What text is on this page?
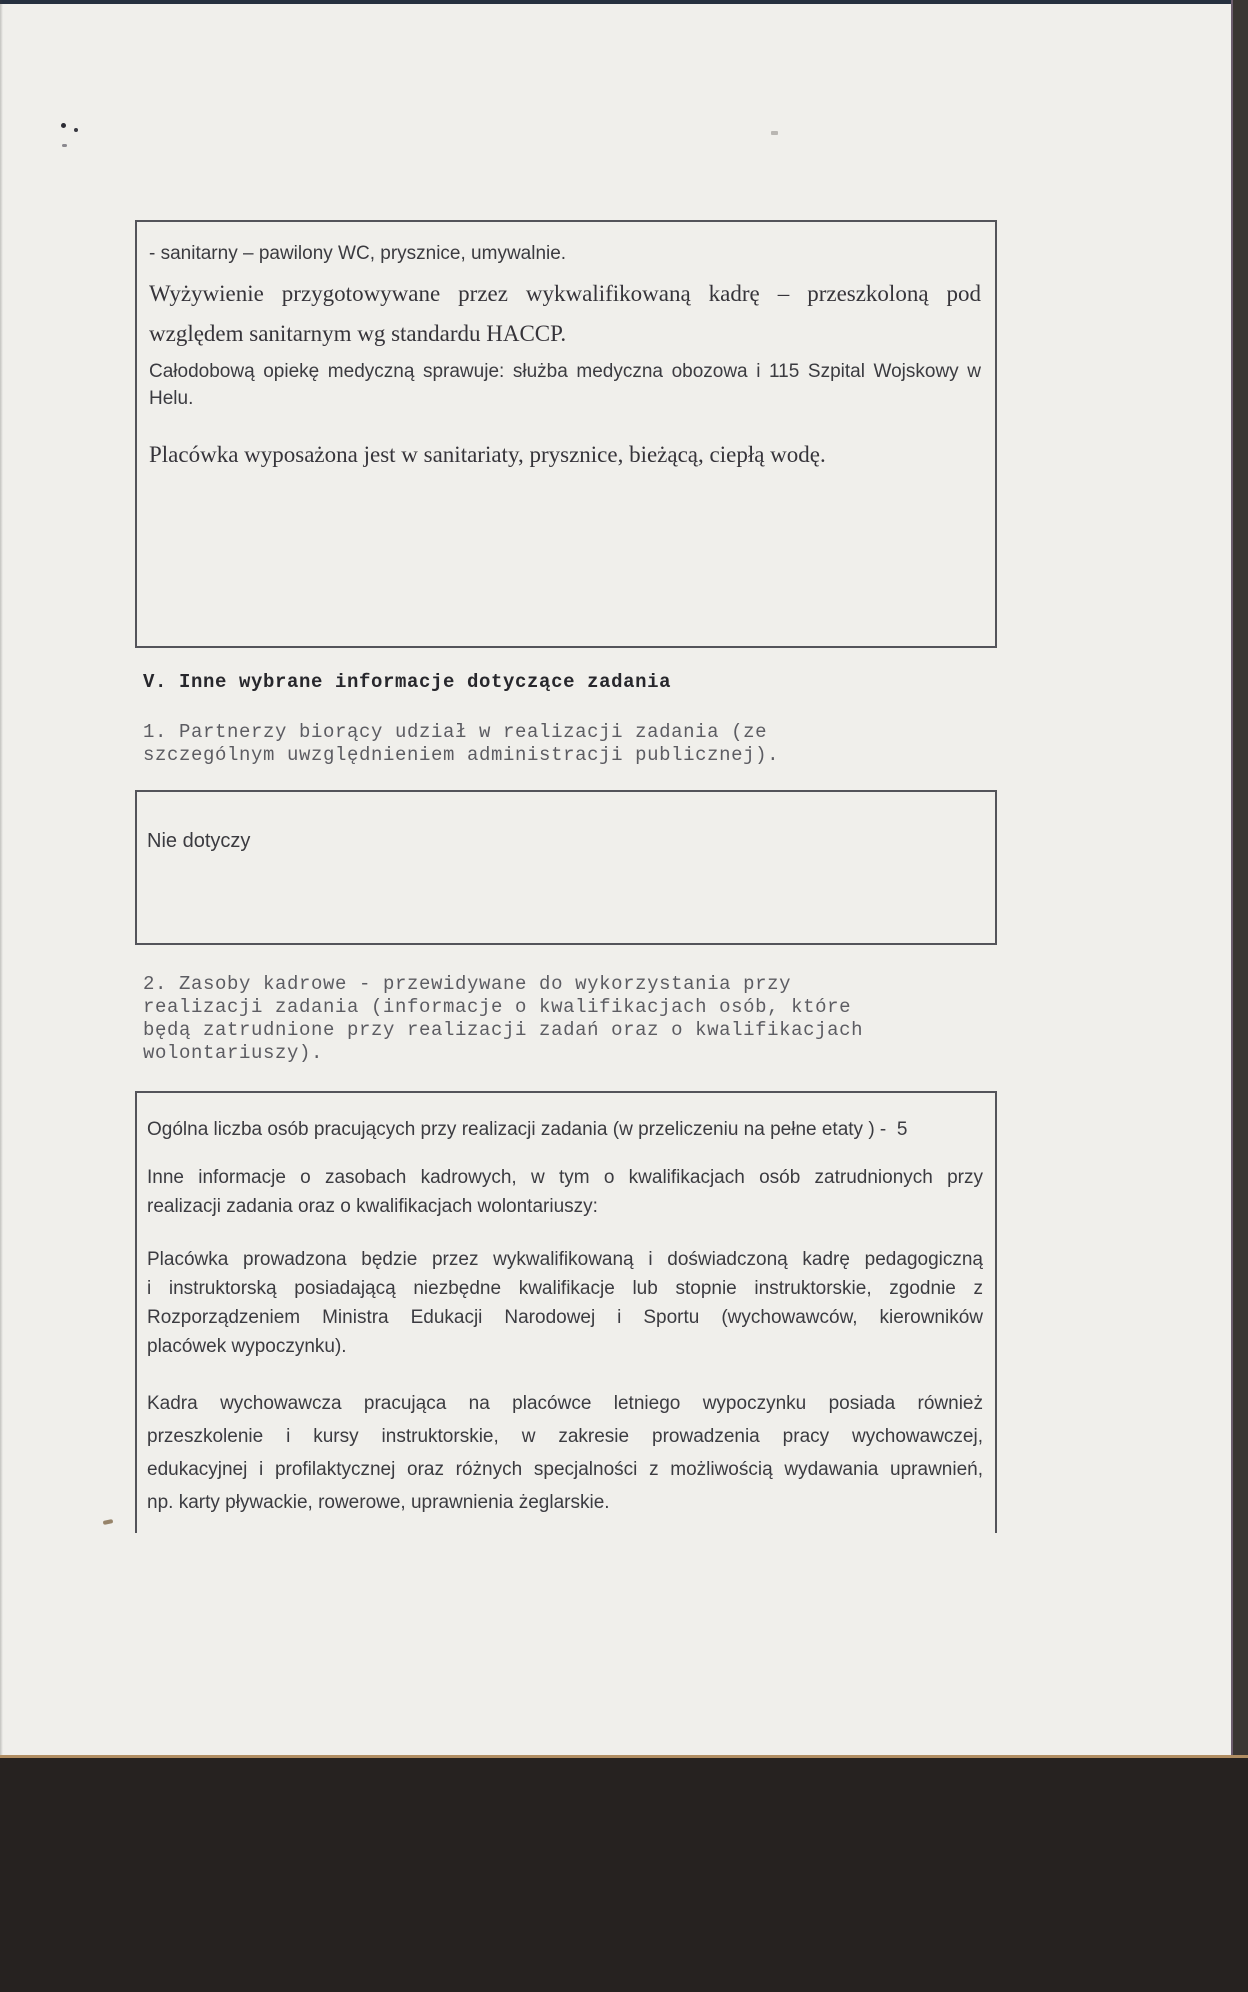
- sanitarny – pawilony WC, prysznice, umywalnie.
Wyżywienie przygotowywane przez wykwalifikowaną kadrę – przeszkoloną pod
względem sanitarnym wg standardu HACCP.
Całodobową opiekę medyczną sprawuje: służba medyczna obozowa i 115 Szpital Wojskowy w
Helu.
Placówka wyposażona jest w sanitariaty, prysznice, bieżącą, ciepłą wodę.
V. Inne wybrane informacje dotyczące zadania
1. Partnerzy biorący udział w realizacji zadania (ze
szczególnym uwzględnieniem administracji publicznej).
Nie dotyczy
2. Zasoby kadrowe - przewidywane do wykorzystania przy
realizacji zadania (informacje o kwalifikacjach osób, które
będą zatrudnione przy realizacji zadań oraz o kwalifikacjach
wolontariuszy).
Ogólna liczba osób pracujących przy realizacji zadania (w przeliczeniu na pełne etaty ) -  5
Inne informacje o zasobach kadrowych, w tym o kwalifikacjach osób zatrudnionych przy
realizacji zadania oraz o kwalifikacjach wolontariuszy:
Placówka prowadzona będzie przez wykwalifikowaną i doświadczoną kadrę pedagogiczną
i instruktorską posiadającą niezbędne kwalifikacje lub stopnie instruktorskie, zgodnie z
Rozporządzeniem Ministra Edukacji Narodowej i Sportu (wychowawców, kierowników
placówek wypoczynku).
Kadra wychowawcza pracująca na placówce letniego wypoczynku posiada również
przeszkolenie i kursy instruktorskie, w zakresie prowadzenia pracy wychowawczej,
edukacyjnej i profilaktycznej oraz różnych specjalności z możliwością wydawania uprawnień,
np. karty pływackie, rowerowe, uprawnienia żeglarskie.
